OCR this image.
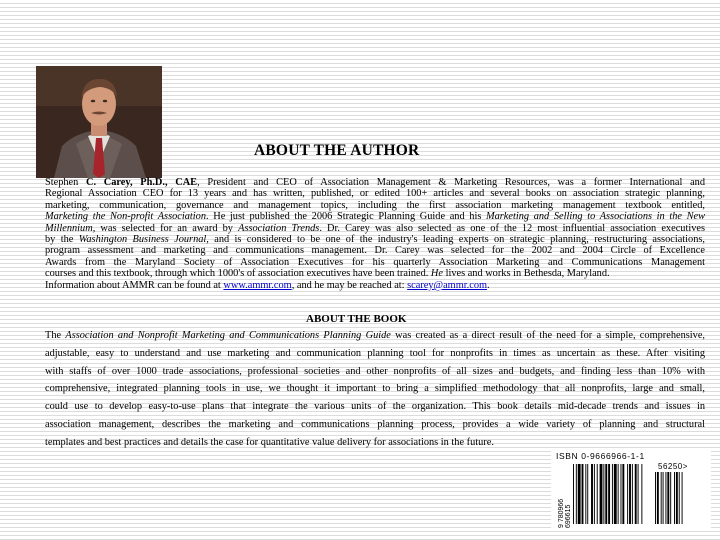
ABOUT THE AUTHOR
Stephen C. Carey, Ph.D., CAE, President and CEO of Association Management & Marketing Resources, was a former International and
Regional Association CEO for 13 years and has written, published, or edited 100+ articles and several books on association strategic planning,
marketing, communication, governance and management topics, including the first association marketing management textbook entitled,
Marketing the Non-profit Association. He just published the 2006 Strategic Planning Guide and his Marketing and Selling to Associations in the New
Millennium, was selected for an award by Association Trends. Dr. Carey was also selected as one of the 12 most influential association executives
by the Washington Business Journal, and is considered to be one of the industry's leading experts on strategic planning, restructuring associations,
program assessment and marketing and communications management. Dr. Carey was selected for the 2002 and 2004 Circle of Excellence
Awards from the Maryland Society of Association Executives for his quarterly Association Marketing and Communications Management
courses and this textbook, through which 1000's of association executives have been trained. He lives and works in Bethesda, Maryland.
Information about AMMR can be found at www.ammr.com, and he may be reached at: scarey@ammr.com.
ABOUT THE BOOK
The Association and Nonprofit Marketing and Communications Planning Guide was created as a direct result of the need for a simple, comprehensive,
adjustable, easy to understand and use marketing and communication planning tool for nonprofits in times as uncertain as these. After visiting
with staffs of over 1000 trade associations, professional societies and other nonprofits of all sizes and budgets, and finding less than 10% with
comprehensive, integrated planning tools in use, we thought it important to bring a simplified methodology that all nonprofits, large and small,
could use to develop easy-to-use plans that integrate the various units of the organization. This book details mid-decade trends and issues in
association management, describes the marketing and communications planning process, provides a wide variety of planning and structural
templates and best practices and details the case for quantitative value delivery for associations in the future.
ISBN 0-9666966-1-1
56250>
9 780966 696615
